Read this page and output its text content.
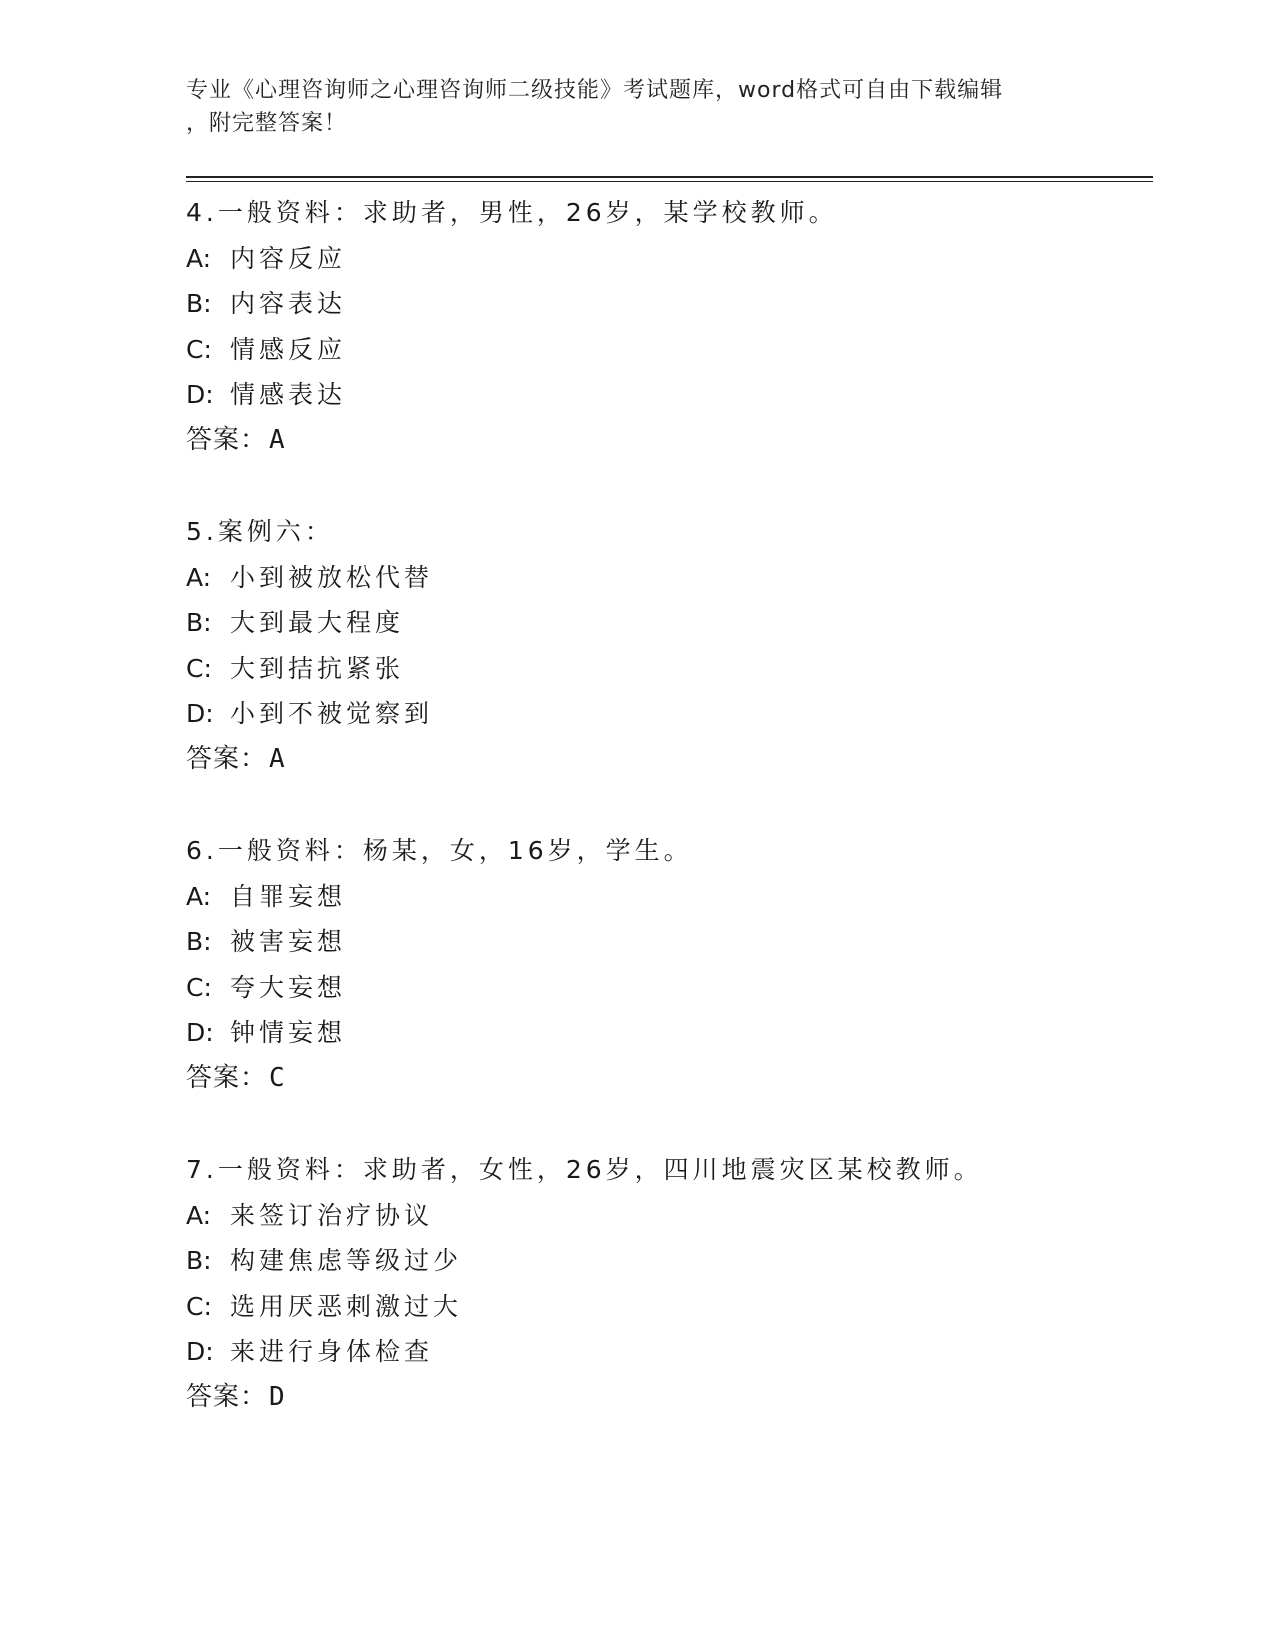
专业《心理咨询师之心理咨询师二级技能》考试题库，word格式可自由下载编辑
，附完整答案！
4.一般资料：求助者，男性，26岁，某学校教师。
A: 内容反应
B: 内容表达
C: 情感反应
D: 情感表达
答案：A
5.案例六：
A: 小到被放松代替
B: 大到最大程度
C: 大到拮抗紧张
D: 小到不被觉察到
答案：A
6.一般资料：杨某，女，16岁，学生。
A: 自罪妄想
B: 被害妄想
C: 夸大妄想
D: 钟情妄想
答案：C
7.一般资料：求助者，女性，26岁，四川地震灾区某校教师。
A: 来签订治疗协议
B: 构建焦虑等级过少
C: 选用厌恶刺激过大
D: 来进行身体检查
答案：D
